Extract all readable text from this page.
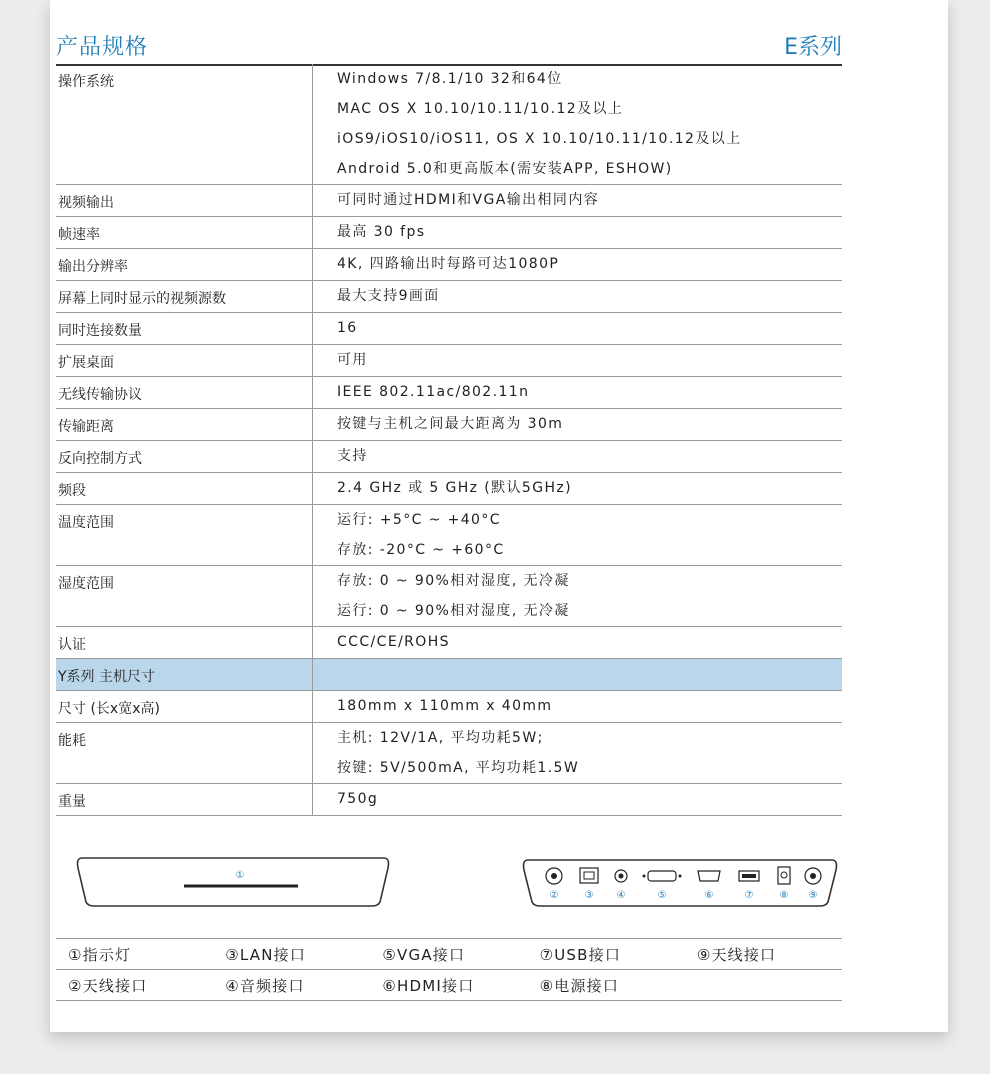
产品规格	E系列
操作系统	Windows 7/8.1/10 32和64位
MAC OS X 10.10/10.11/10.12及以上
iOS9/iOS10/iOS11, OS X 10.10/10.11/10.12及以上
Android 5.0和更高版本(需安装APP, ESHOW)

视频输出	可同时通过HDMI和VGA输出相同内容

帧速率	最高 30 fps

输出分辨率	4K, 四路输出时每路可达1080P

屏幕上同时显示的视频源数	最大支持9画面

同时连接数量	16

扩展桌面	可用

无线传输协议	IEEE 802.11ac/802.11n

传输距离	按键与主机之间最大距离为 30m

反向控制方式	支持

频段	2.4 GHz 或 5 GHz (默认5GHz)

温度范围	运行: +5°C ~ +40°C
存放: -20°C ~ +60°C

湿度范围	存放: 0 ~ 90%相对湿度, 无冷凝
运行: 0 ~ 90%相对湿度, 无冷凝

认证	CCC/CE/ROHS

Y系列 主机尺寸	

尺寸 (长x宽x高)	180mm x 110mm x 40mm

能耗	主机: 12V/1A, 平均功耗5W;
按键: 5V/500mA, 平均功耗1.5W

重量	750g
①
②	③ ④	⑤	⑥	⑦	⑧ ⑨
①指示灯	③LAN接口	⑤VGA接口	⑦USB接口	⑨天线接口
②天线接口	④音频接口	⑥HDMI接口	⑧电源接口
